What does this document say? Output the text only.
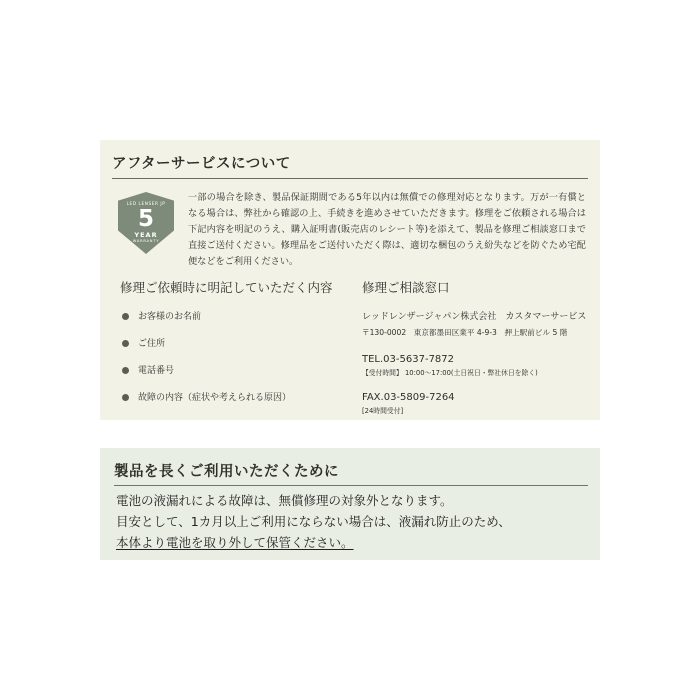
アフターサービスについて
LED LENSER JP
5
YEAR
WARRANTY
一部の場合を除き、製品保証期間である5年以内は無償での修理対応となります。万が一有償となる場合は、弊社から確認の上、手続きを進めさせていただきます。修理をご依頼される場合は下記内容を明記のうえ、購入証明書(販売店のレシート等)を添えて、製品を修理ご相談窓口まで直接ご送付ください。修理品をご送付いただく際は、適切な梱包のうえ紛失などを防ぐため宅配便などをご利用ください。
修理ご依頼時に明記していただく内容
お客様のお名前
ご住所
電話番号
故障の内容（症状や考えられる原因）
修理ご相談窓口
レッドレンザージャパン株式会社　カスタマーサービス
〒130-0002　東京都墨田区業平 4-9-3　押上駅前ビル 5 階
TEL.03-5637-7872
【受付時間】 10:00～17:00(土日祝日・弊社休日を除く)
FAX.03-5809-7264
[24時間受付]
製品を長くご利用いただくために
電池の液漏れによる故障は、無償修理の対象外となります。
目安として、1カ月以上ご利用にならない場合は、液漏れ防止のため、
本体より電池を取り外して保管ください。
